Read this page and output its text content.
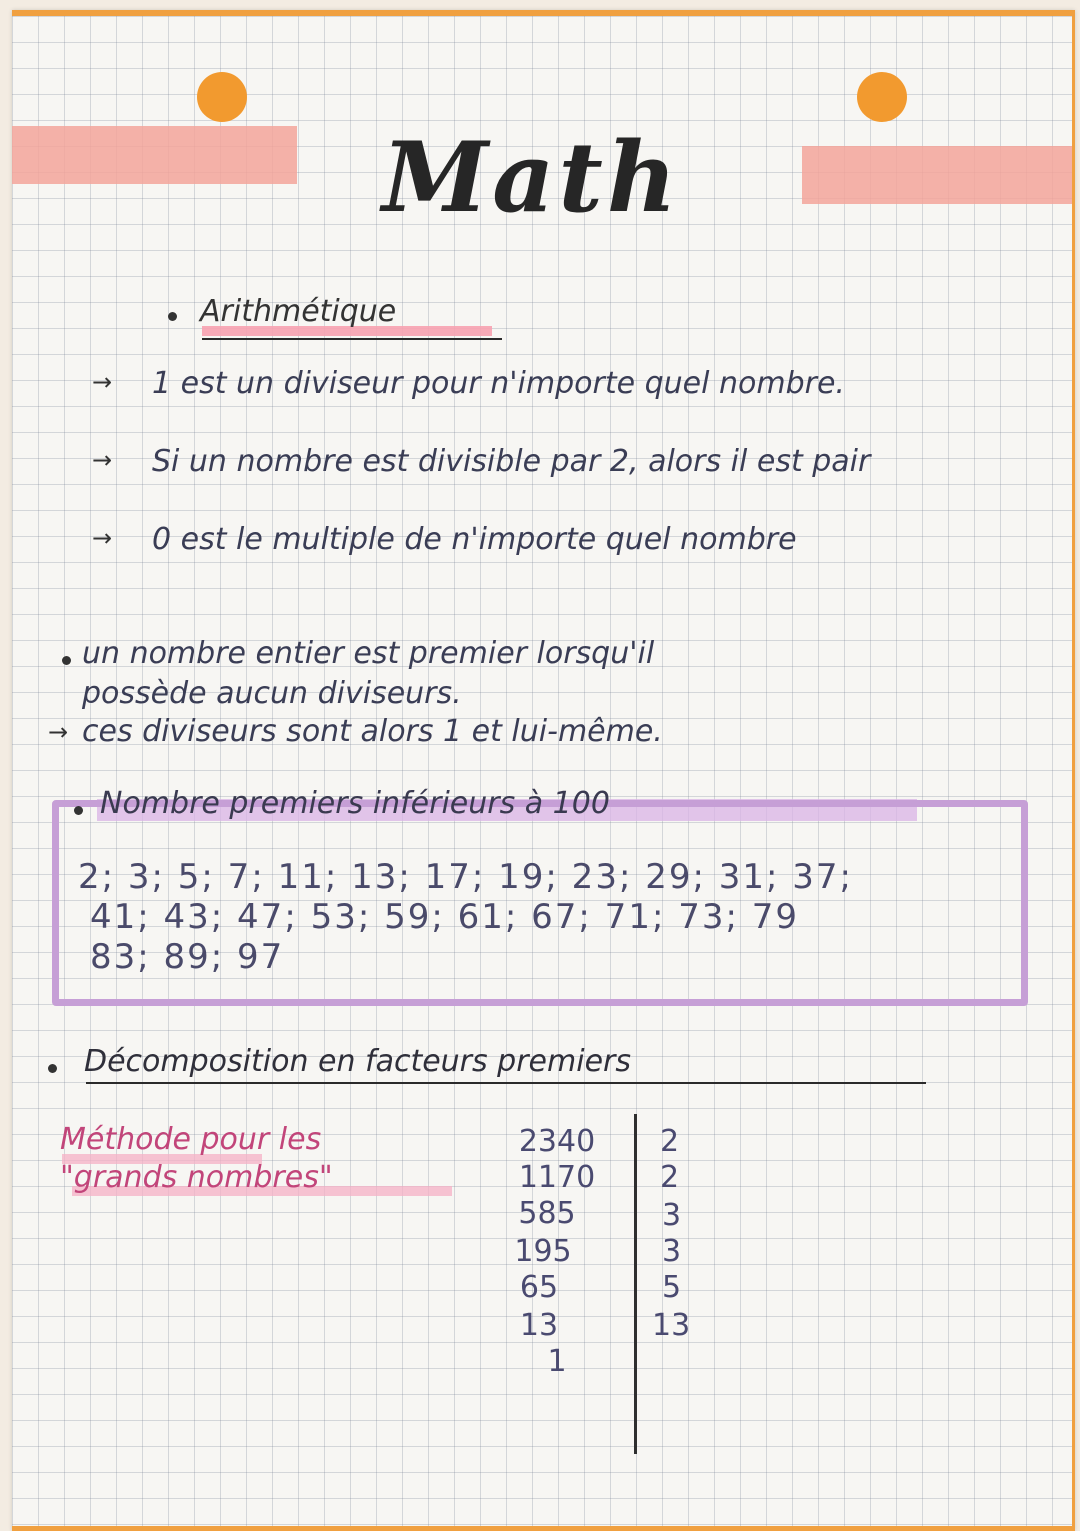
Math
Arithmétique
→ 1 est un diviseur pour n'importe quel nombre.
→ Si un nombre est divisible par 2, alors il est pair
→ 0 est le multiple de n'importe quel nombre
un nombre entier est premier lorsqu'il
possède aucun diviseurs.
→ ces diviseurs sont alors 1 et lui-même.
Nombre premiers inférieurs à 100
2; 3; 5; 7; 11; 13; 17; 19; 23; 29; 31; 37;
41; 43; 47; 53; 59; 61; 67; 71; 73; 79
83; 89; 97
Décomposition en facteurs premiers
Méthode pour les
"grands nombres"
2340
1170
585
195
65
13
1
2
2
3
3
5
13
